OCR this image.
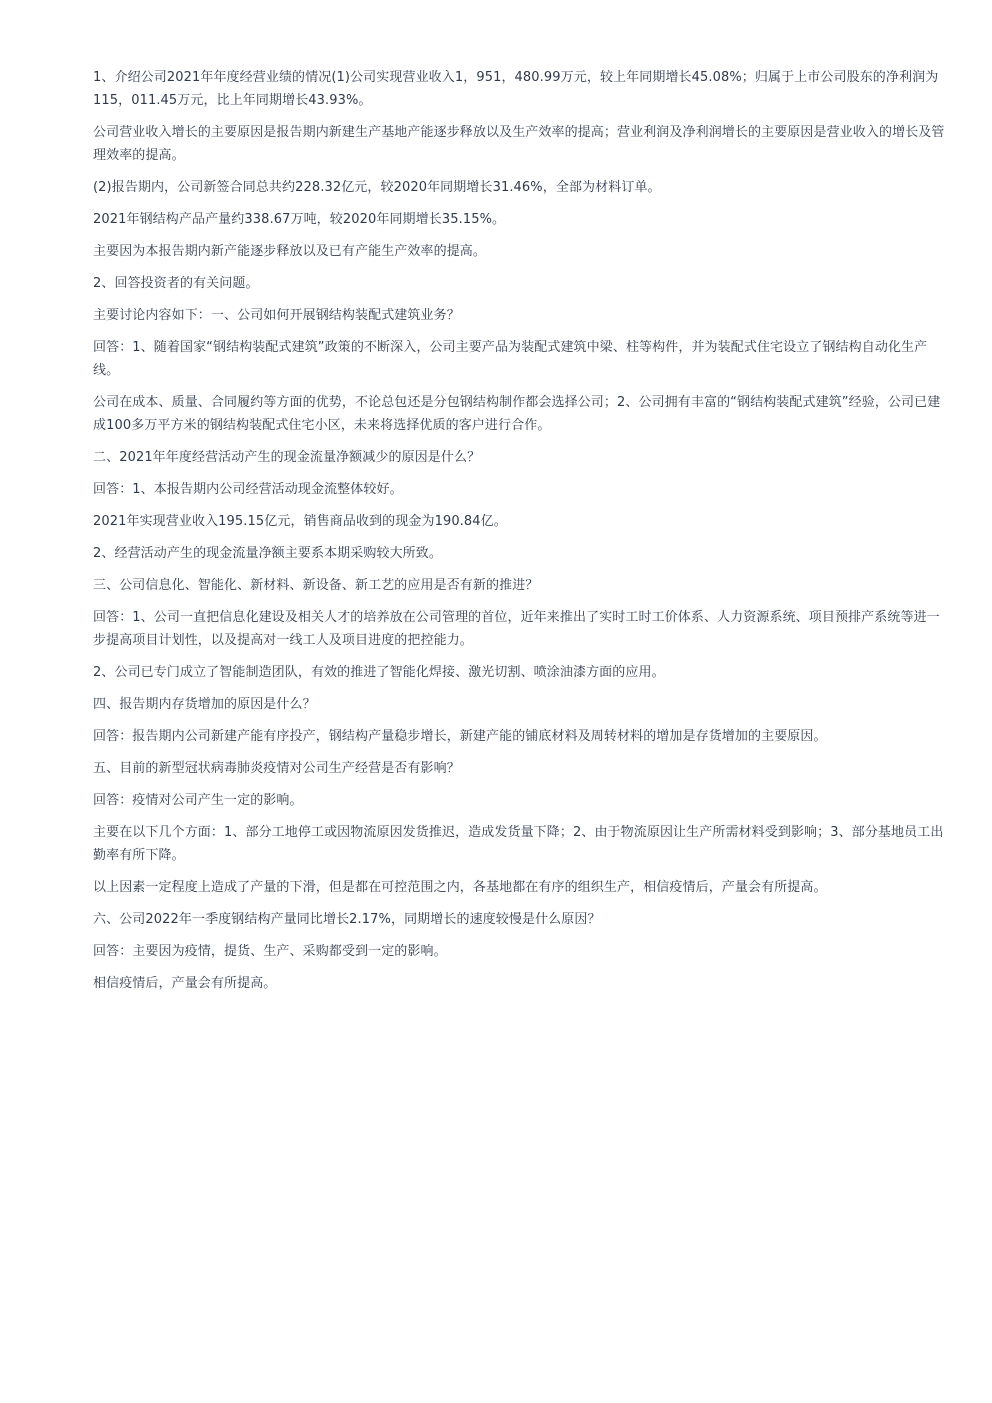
1、介绍公司2021年年度经营业绩的情况(1)公司实现营业收入1，951，480.99万元，较上年同期增长45.08%；归属于上市公司股东的净利润为115，011.45万元，比上年同期增长43.93%。

公司营业收入增长的主要原因是报告期内新建生产基地产能逐步释放以及生产效率的提高；营业利润及净利润增长的主要原因是营业收入的增长及管理效率的提高。

(2)报告期内，公司新签合同总共约228.32亿元，较2020年同期增长31.46%，全部为材料订单。

2021年钢结构产品产量约338.67万吨，较2020年同期增长35.15%。

主要因为本报告期内新产能逐步释放以及已有产能生产效率的提高。

2、回答投资者的有关问题。

主要讨论内容如下：一、公司如何开展钢结构装配式建筑业务？

回答：1、随着国家“钢结构装配式建筑”政策的不断深入，公司主要产品为装配式建筑中梁、柱等构件，并为装配式住宅设立了钢结构自动化生产线。

公司在成本、质量、合同履约等方面的优势，不论总包还是分包钢结构制作都会选择公司；2、公司拥有丰富的“钢结构装配式建筑”经验，公司已建成100多万平方米的钢结构装配式住宅小区，未来将选择优质的客户进行合作。

二、2021年年度经营活动产生的现金流量净额减少的原因是什么？

回答：1、本报告期内公司经营活动现金流整体较好。

2021年实现营业收入195.15亿元，销售商品收到的现金为190.84亿。

2、经营活动产生的现金流量净额主要系本期采购较大所致。

三、公司信息化、智能化、新材料、新设备、新工艺的应用是否有新的推进？

回答：1、公司一直把信息化建设及相关人才的培养放在公司管理的首位，近年来推出了实时工时工价体系、人力资源系统、项目预排产系统等进一步提高项目计划性，以及提高对一线工人及项目进度的把控能力。

2、公司已专门成立了智能制造团队，有效的推进了智能化焊接、激光切割、喷涂油漆方面的应用。

四、报告期内存货增加的原因是什么？

回答：报告期内公司新建产能有序投产，钢结构产量稳步增长，新建产能的铺底材料及周转材料的增加是存货增加的主要原因。

五、目前的新型冠状病毒肺炎疫情对公司生产经营是否有影响？

回答：疫情对公司产生一定的影响。

主要在以下几个方面：1、部分工地停工或因物流原因发货推迟，造成发货量下降；2、由于物流原因让生产所需材料受到影响；3、部分基地员工出勤率有所下降。

以上因素一定程度上造成了产量的下滑，但是都在可控范围之内，各基地都在有序的组织生产，相信疫情后，产量会有所提高。

六、公司2022年一季度钢结构产量同比增长2.17%，同期增长的速度较慢是什么原因？

回答：主要因为疫情，提货、生产、采购都受到一定的影响。

相信疫情后，产量会有所提高。
